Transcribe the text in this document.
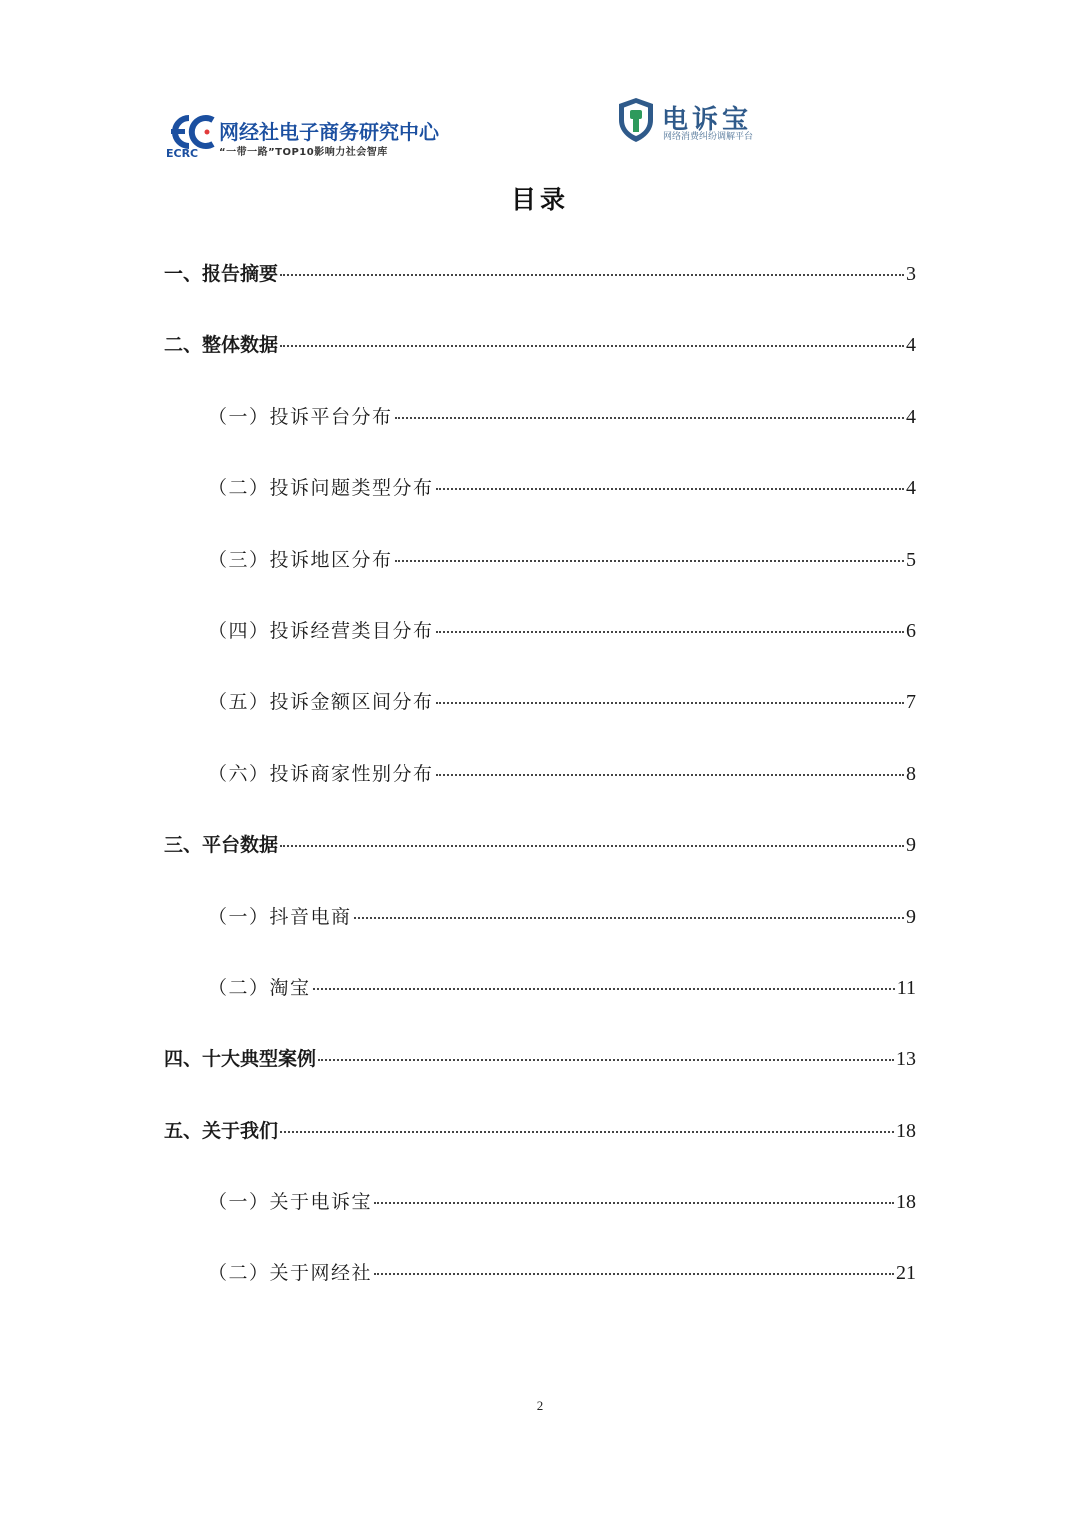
ECRC
网经社电子商务研究中心
“一带一路”TOP10影响力社会智库
电诉宝
网络消费纠纷调解平台
目录
一、报告摘要	3
二、整体数据	4
（一）投诉平台分布	4
（二）投诉问题类型分布	4
（三）投诉地区分布	5
（四）投诉经营类目分布	6
（五）投诉金额区间分布	7
（六）投诉商家性别分布	8
三、平台数据	9
（一）抖音电商	9
（二）淘宝	11
四、十大典型案例	13
五、关于我们	18
（一）关于电诉宝	18
（二）关于网经社	21
2
